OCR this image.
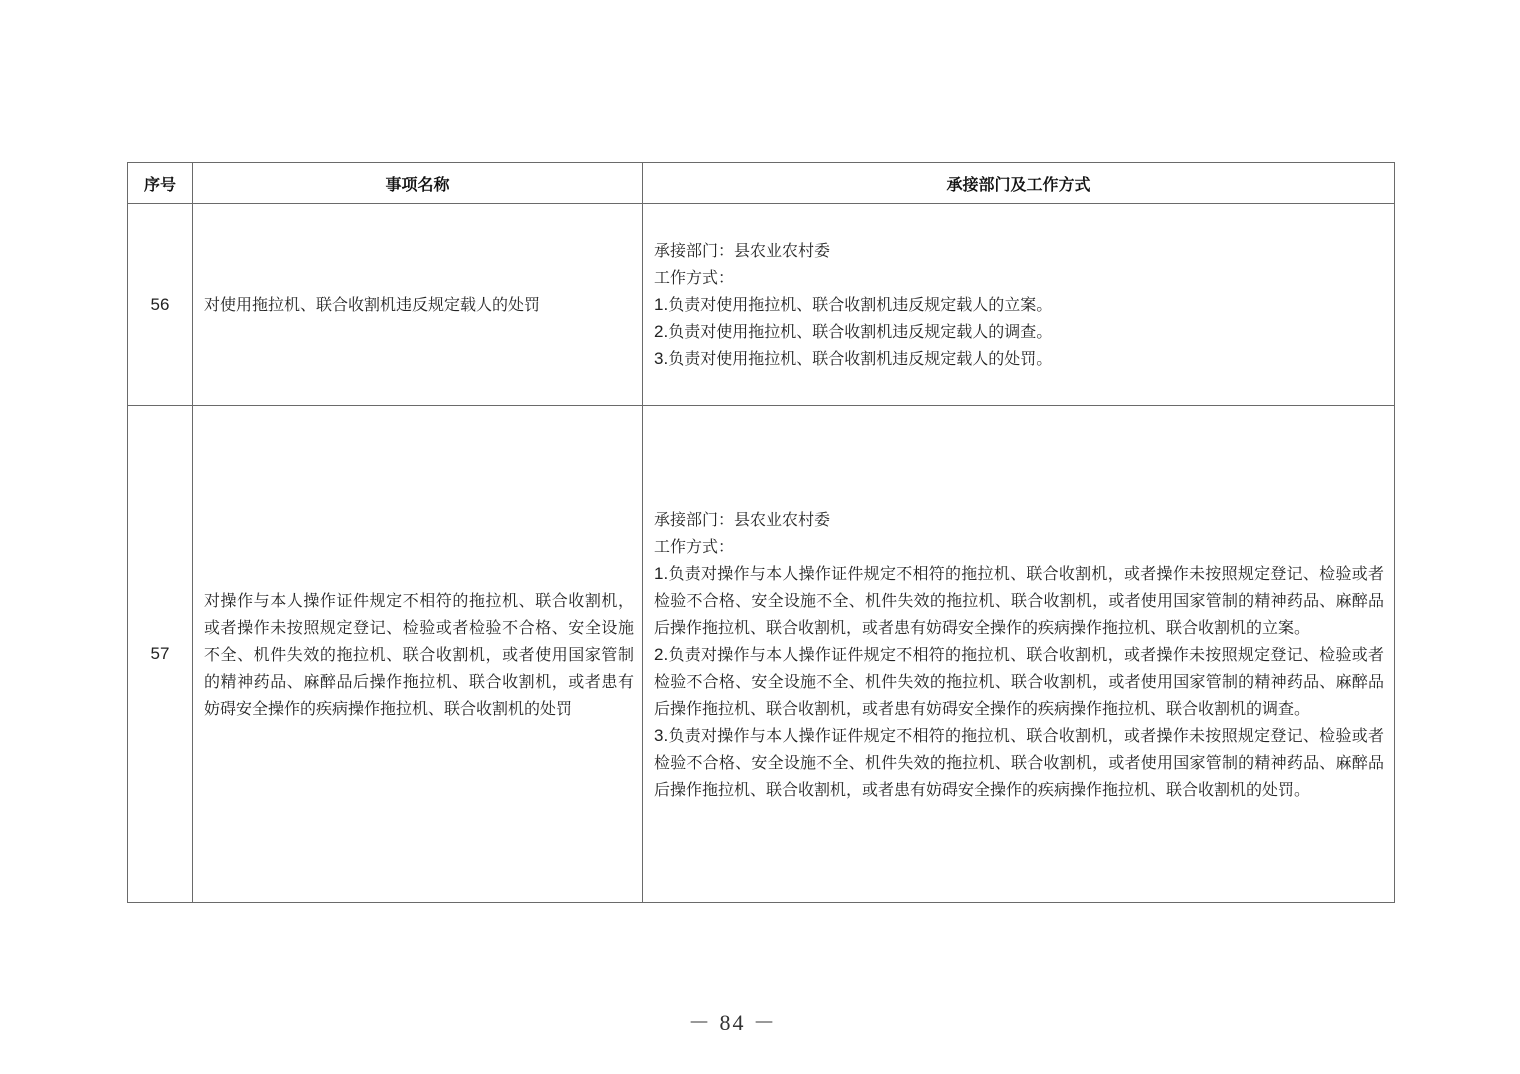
序号	事项名称	承接部门及工作方式
56	对使用拖拉机、联合收割机违反规定载人的处罚	承接部门：县农业农村委
工作方式：
1.负责对使用拖拉机、联合收割机违反规定载人的立案。
2.负责对使用拖拉机、联合收割机违反规定载人的调查。
3.负责对使用拖拉机、联合收割机违反规定载人的处罚。

57	对操作与本人操作证件规定不相符的拖拉机、联合收割机，或者操作未按照规定登记、检验或者检验不合格、安全设施不全、机件失效的拖拉机、联合收割机，或者使用国家管制的精神药品、麻醉品后操作拖拉机、联合收割机，或者患有妨碍安全操作的疾病操作拖拉机、联合收割机的处罚	承接部门：县农业农村委
工作方式：
1.负责对操作与本人操作证件规定不相符的拖拉机、联合收割机，或者操作未按照规定登记、检验或者检验不合格、安全设施不全、机件失效的拖拉机、联合收割机，或者使用国家管制的精神药品、麻醉品后操作拖拉机、联合收割机，或者患有妨碍安全操作的疾病操作拖拉机、联合收割机的立案。
2.负责对操作与本人操作证件规定不相符的拖拉机、联合收割机，或者操作未按照规定登记、检验或者检验不合格、安全设施不全、机件失效的拖拉机、联合收割机，或者使用国家管制的精神药品、麻醉品后操作拖拉机、联合收割机，或者患有妨碍安全操作的疾病操作拖拉机、联合收割机的调查。
3.负责对操作与本人操作证件规定不相符的拖拉机、联合收割机，或者操作未按照规定登记、检验或者检验不合格、安全设施不全、机件失效的拖拉机、联合收割机，或者使用国家管制的精神药品、麻醉品后操作拖拉机、联合收割机，或者患有妨碍安全操作的疾病操作拖拉机、联合收割机的处罚。
－ 84 －
